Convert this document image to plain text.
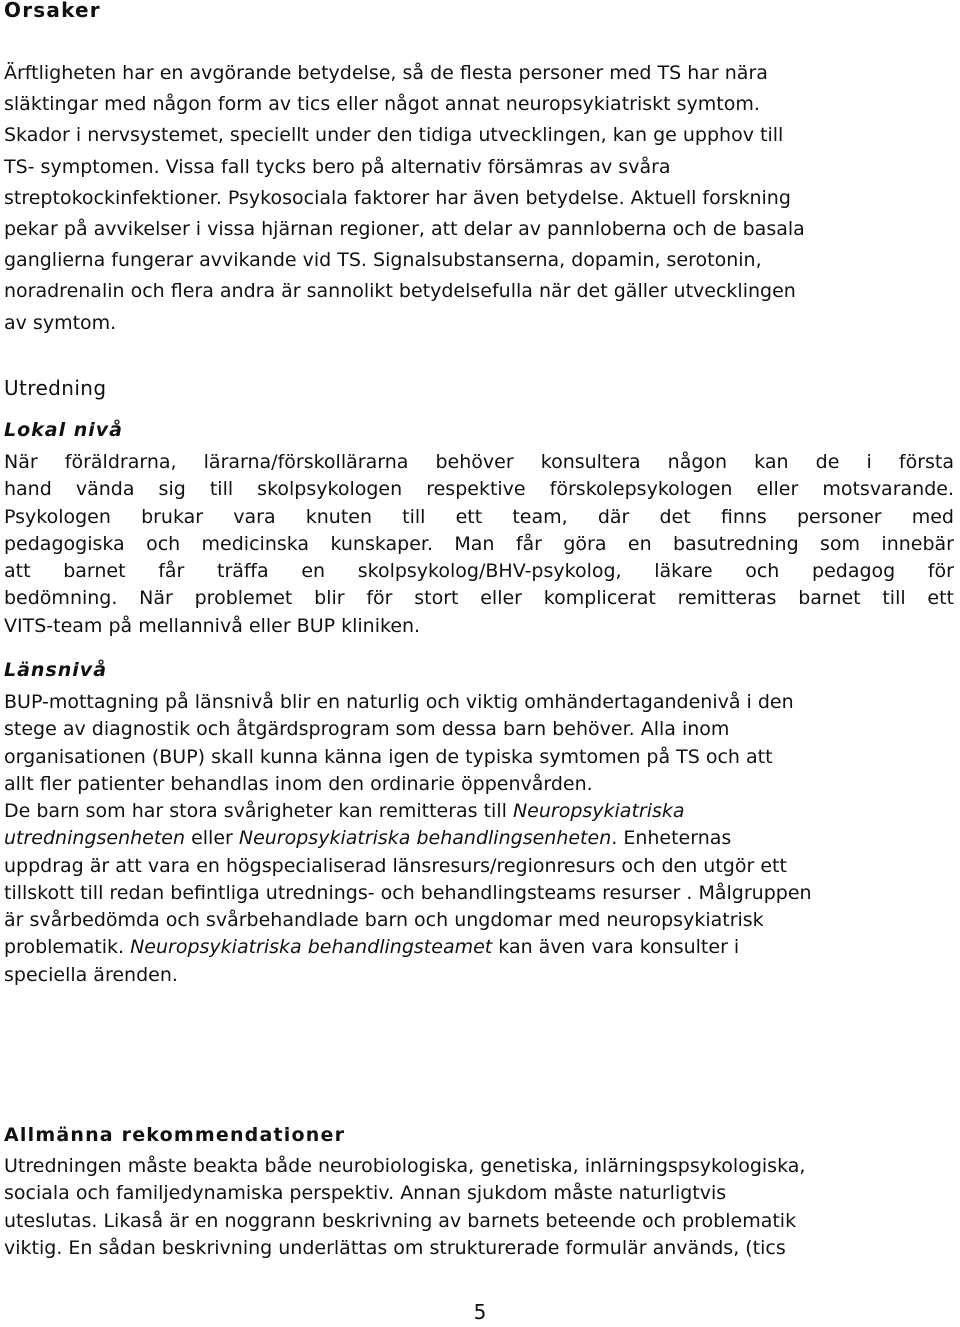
Orsaker

Ärftligheten har en avgörande betydelse, så de flesta personer med TS har nära
släktingar med någon form av tics eller något annat neuropsykiatriskt symtom.
Skador i nervsystemet, speciellt under den tidiga utvecklingen, kan ge upphov till
TS- symptomen. Vissa fall tycks bero på alternativ försämras av svåra
streptokockinfektioner. Psykosociala faktorer har även betydelse. Aktuell forskning
pekar på avvikelser i vissa hjärnan regioner, att delar av pannloberna och de basala
ganglierna fungerar avvikande vid TS. Signalsubstanserna, dopamin, serotonin,
noradrenalin och flera andra är sannolikt betydelsefulla när det gäller utvecklingen
av symtom.

Utredning
Lokal nivå

När föräldrarna, lärarna/förskollärarna behöver konsultera någon kan de i första
hand vända sig till skolpsykologen respektive förskolepsykologen eller motsvarande.
Psykologen brukar vara knuten till ett team, där det finns personer med
pedagogiska och medicinska kunskaper. Man får göra en basutredning som innebär
att barnet får träffa en skolpsykolog/BHV-psykolog, läkare och pedagog för
bedömning. När problemet blir för stort eller komplicerat remitteras barnet till ett
VITS-team på mellannivå eller BUP kliniken.

Länsnivå

BUP-mottagning på länsnivå blir en naturlig och viktig omhändertagandenivå i den
stege av diagnostik och åtgärdsprogram som dessa barn behöver. Alla inom
organisationen (BUP) skall kunna känna igen de typiska symtomen på TS och att
allt fler patienter behandlas inom den ordinarie öppenvården.

De barn som har stora svårigheter kan remitteras till Neuropsykiatriska
utredningsenheten eller Neuropsykiatriska behandlingsenheten. Enheternas
uppdrag är att vara en högspecialiserad länsresurs/regionresurs och den utgör ett
tillskott till redan befintliga utrednings- och behandlingsteams resurser . Målgruppen
är svårbedömda och svårbehandlade barn och ungdomar med neuropsykiatrisk
problematik. Neuropsykiatriska behandlingsteamet kan även vara konsulter i
speciella ärenden.

Allmänna rekommendationer

Utredningen måste beakta både neurobiologiska, genetiska, inlärningspsykologiska,
sociala och familjedynamiska perspektiv. Annan sjukdom måste naturligtvis
uteslutas. Likaså är en noggrann beskrivning av barnets beteende och problematik
viktig. En sådan beskrivning underlättas om strukturerade formulär används, (tics

5
